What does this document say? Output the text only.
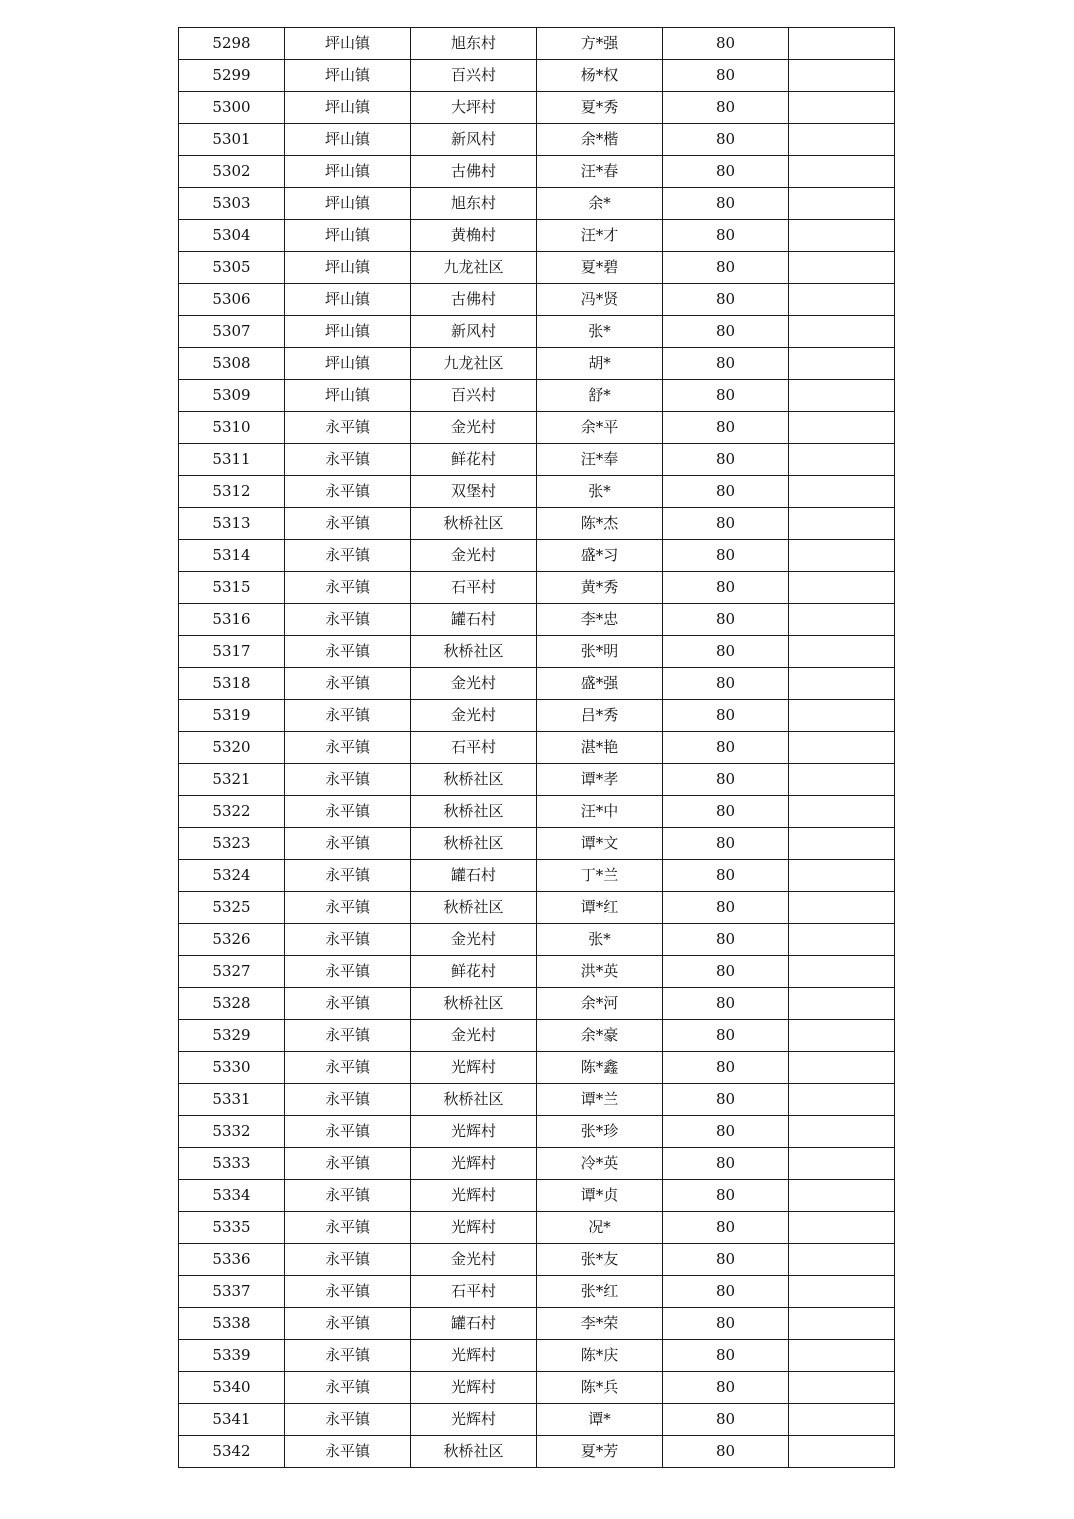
5298	坪山镇	旭东村	方*强	80	
5299	坪山镇	百兴村	杨*权	80	
5300	坪山镇	大坪村	夏*秀	80	
5301	坪山镇	新风村	余*楷	80	
5302	坪山镇	古佛村	汪*春	80	
5303	坪山镇	旭东村	余*	80	
5304	坪山镇	黄桷村	汪*才	80	
5305	坪山镇	九龙社区	夏*碧	80	
5306	坪山镇	古佛村	冯*贤	80	
5307	坪山镇	新风村	张*	80	
5308	坪山镇	九龙社区	胡*	80	
5309	坪山镇	百兴村	舒*	80	
5310	永平镇	金光村	余*平	80	
5311	永平镇	鲜花村	汪*奉	80	
5312	永平镇	双堡村	张*	80	
5313	永平镇	秋桥社区	陈*杰	80	
5314	永平镇	金光村	盛*习	80	
5315	永平镇	石平村	黄*秀	80	
5316	永平镇	罐石村	李*忠	80	
5317	永平镇	秋桥社区	张*明	80	
5318	永平镇	金光村	盛*强	80	
5319	永平镇	金光村	吕*秀	80	
5320	永平镇	石平村	湛*艳	80	
5321	永平镇	秋桥社区	谭*孝	80	
5322	永平镇	秋桥社区	汪*中	80	
5323	永平镇	秋桥社区	谭*文	80	
5324	永平镇	罐石村	丁*兰	80	
5325	永平镇	秋桥社区	谭*红	80	
5326	永平镇	金光村	张*	80	
5327	永平镇	鲜花村	洪*英	80	
5328	永平镇	秋桥社区	余*河	80	
5329	永平镇	金光村	余*豪	80	
5330	永平镇	光辉村	陈*鑫	80	
5331	永平镇	秋桥社区	谭*兰	80	
5332	永平镇	光辉村	张*珍	80	
5333	永平镇	光辉村	冷*英	80	
5334	永平镇	光辉村	谭*贞	80	
5335	永平镇	光辉村	况*	80	
5336	永平镇	金光村	张*友	80	
5337	永平镇	石平村	张*红	80	
5338	永平镇	罐石村	李*荣	80	
5339	永平镇	光辉村	陈*庆	80	
5340	永平镇	光辉村	陈*兵	80	
5341	永平镇	光辉村	谭*	80	
5342	永平镇	秋桥社区	夏*芳	80	
